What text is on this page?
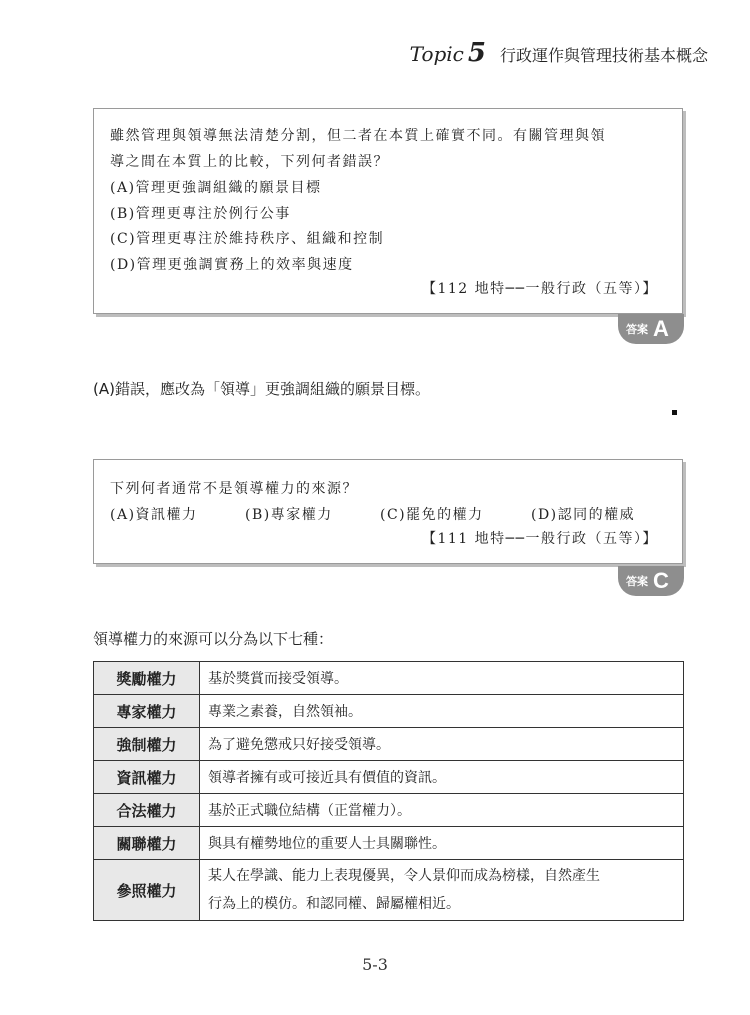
Topic 5 行政運作與管理技術基本概念
雖然管理與領導無法清楚分割，但二者在本質上確實不同。有關管理與領
導之間在本質上的比較，下列何者錯誤？
(A)管理更強調組織的願景目標
(B)管理更專注於例行公事
(C)管理更專注於維持秩序、組織和控制
(D)管理更強調實務上的效率與速度
【112 地特──一般行政（五等）】
答案 A
(A)錯誤，應改為「領導」更強調組織的願景目標。
下列何者通常不是領導權力的來源？
(A)資訊權力	(B)專家權力	(C)罷免的權力	(D)認同的權威
【111 地特──一般行政（五等）】
答案 C
領導權力的來源可以分為以下七種：
獎勵權力	基於獎賞而接受領導。
專家權力	專業之素養，自然領袖。
強制權力	為了避免懲戒只好接受領導。
資訊權力	領導者擁有或可接近具有價值的資訊。
合法權力	基於正式職位結構（正當權力）。
關聯權力	與具有權勢地位的重要人士具關聯性。
參照權力	某人在學識、能力上表現優異，令人景仰而成為榜樣，自然產生
行為上的模仿。和認同權、歸屬權相近。
5-3
